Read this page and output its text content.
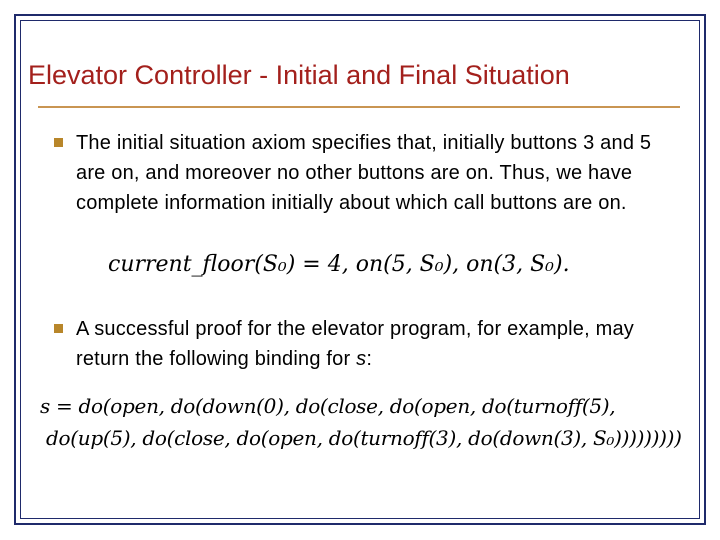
Elevator Controller - Initial and Final Situation
The initial situation axiom specifies that, initially buttons 3 and 5 are on, and moreover no other buttons are on. Thus, we have complete information initially about which call buttons are on.
current_floor(S₀) = 4, on(5, S₀), on(3, S₀).
A successful proof for the elevator program, for example, may return the following binding for s:
s = do(open, do(down(0), do(close, do(open, do(turnoff(5),
do(up(5), do(close, do(open, do(turnoff(3), do(down(3), S₀)))))))))
